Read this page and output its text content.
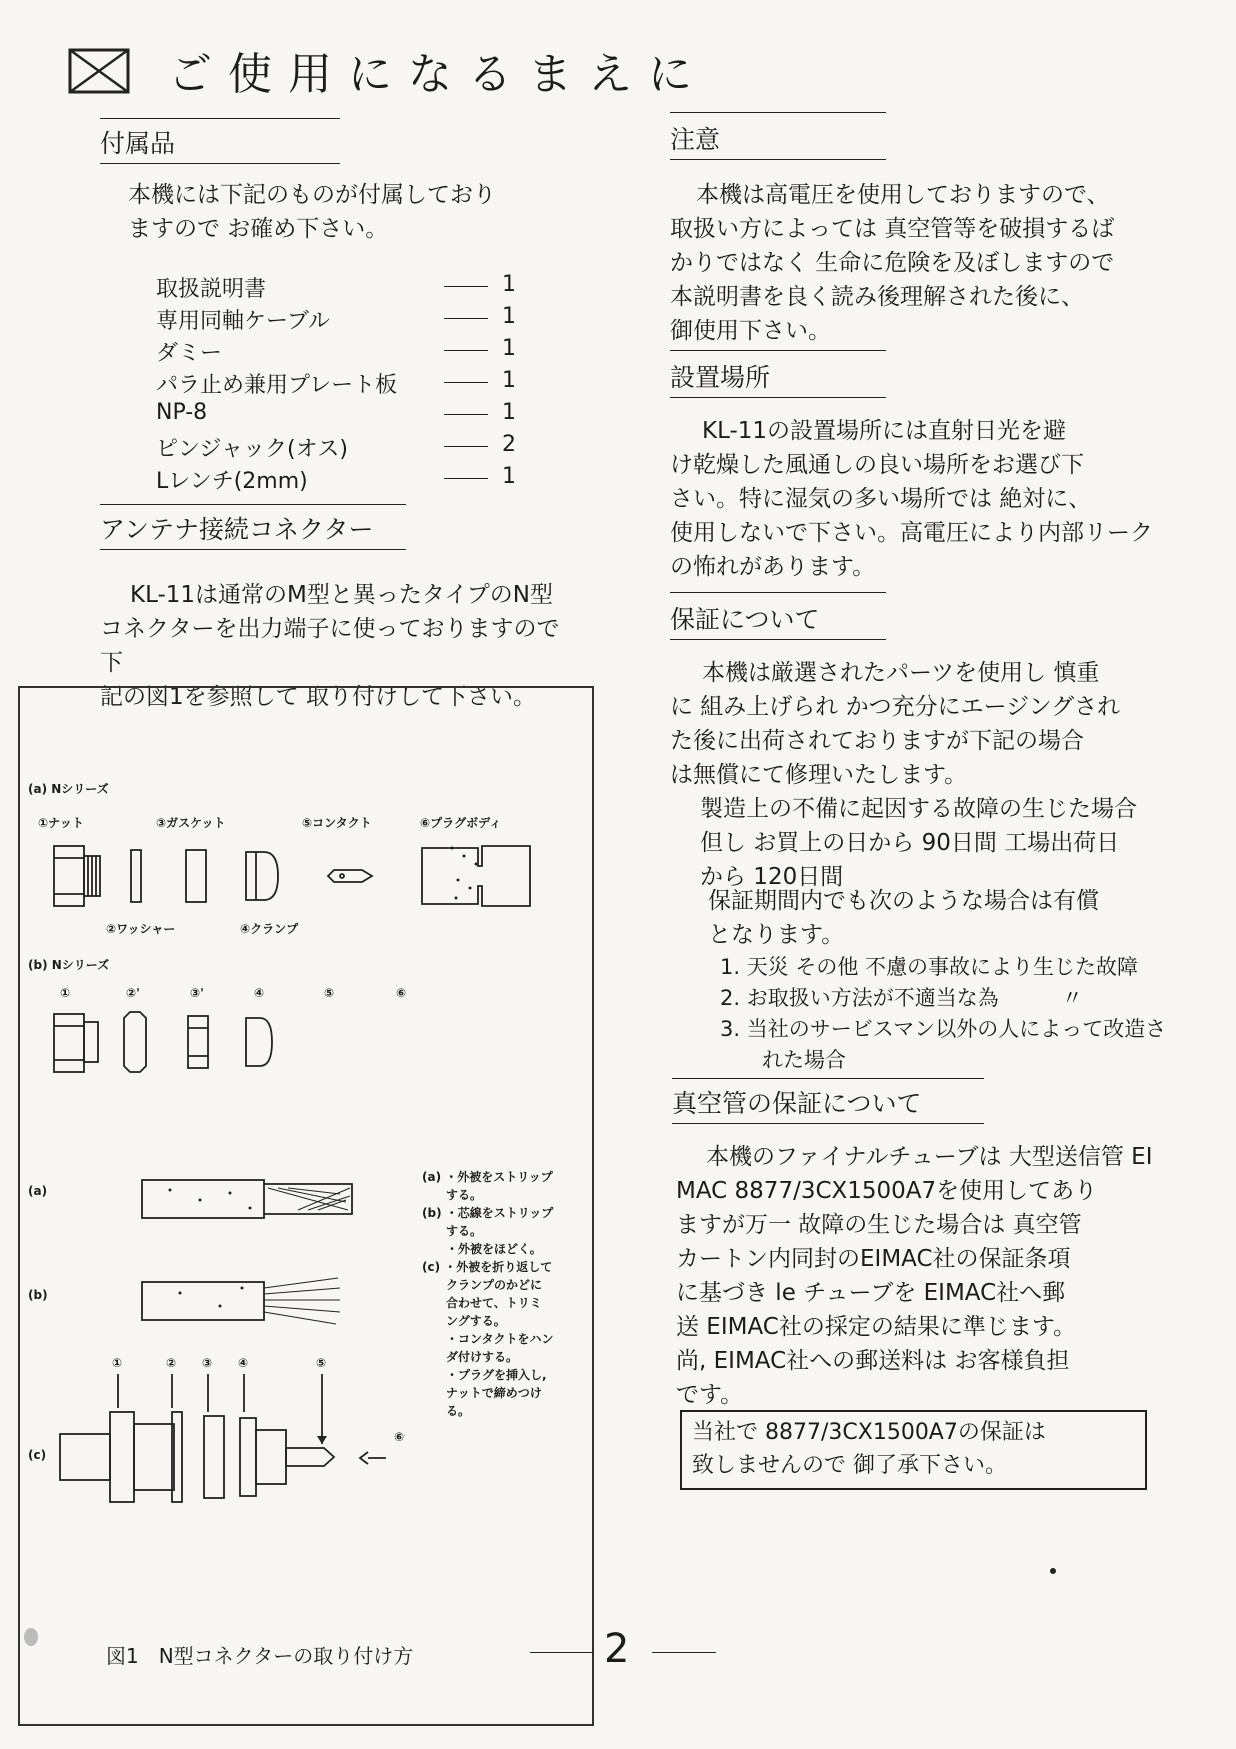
ご使用になるまえに
付属品
本機には下記のものが付属しており
ますので お確め下さい。
取扱説明書	1
専用同軸ケーブル	1
ダミー	1
パラ止め兼用プレート板	1
NP-8	1
ピンジャック(オス)	2
Lレンチ(2mm)	1
アンテナ接続コネクター
KL-11は通常のM型と異ったタイプのN型
コネクターを出力端子に使っておりますので下
記の図1を参照して 取り付けして下さい。
(a) Nシリーズ
①ナット	③ガスケット	⑤コンタクト	⑥プラグボディ
②ワッシャー	④クランプ
(b) Nシリーズ
①	②'	③'	④	⑤	⑥
(a)
(b)
(c)
①	② ③ ④	⑤
⑥
(a) ・外被をストリップ
　　する。
(b) ・芯線をストリップ
　　する。
　　・外被をほどく。
(c) ・外被を折り返して
　　クランプのかどに
　　合わせて、トリミ
　　ングする。
　　・コンタクトをハン
　　ダ付けする。
　　・プラグを挿入し,
　　ナットで締めつけ
　　る。
図1　N型コネクターの取り付け方
注意
本機は高電圧を使用しておりますので、
取扱い方によっては 真空管等を破損するば
かりではなく 生命に危険を及ぼしますので
本説明書を良く読み後理解された後に、
御使用下さい。
設置場所
KL-11の設置場所には直射日光を避
け乾燥した風通しの良い場所をお選び下
さい。特に湿気の多い場所では 絶対に、
使用しないで下さい。高電圧により内部リーク
の怖れがあります。
保証について
本機は厳選されたパーツを使用し 慎重
に 組み上げられ かつ充分にエージングされ
た後に出荷されておりますが下記の場合
は無償にて修理いたします。
製造上の不備に起因する故障の生じた場合
但し お買上の日から 90日間 工場出荷日
から 120日間
保証期間内でも次のような場合は有償
となります。
1. 天災 その他 不慮の事故により生じた故障
2. お取扱い方法が不適当な為　　　〃
3. 当社のサービスマン以外の人によって改造さ
　　れた場合
真空管の保証について
本機のファイナルチューブは 大型送信管 EI
MAC 8877/3CX1500A7を使用してあり
ますが万一 故障の生じた場合は 真空管
カートン内同封のEIMAC社の保証条項
に基づき le チューブを EIMAC社へ郵
送 EIMAC社の採定の結果に準じます。
尚, EIMAC社への郵送料は お客様負担
です。
当社で 8877/3CX1500A7の保証は
致しませんので 御了承下さい。
2
